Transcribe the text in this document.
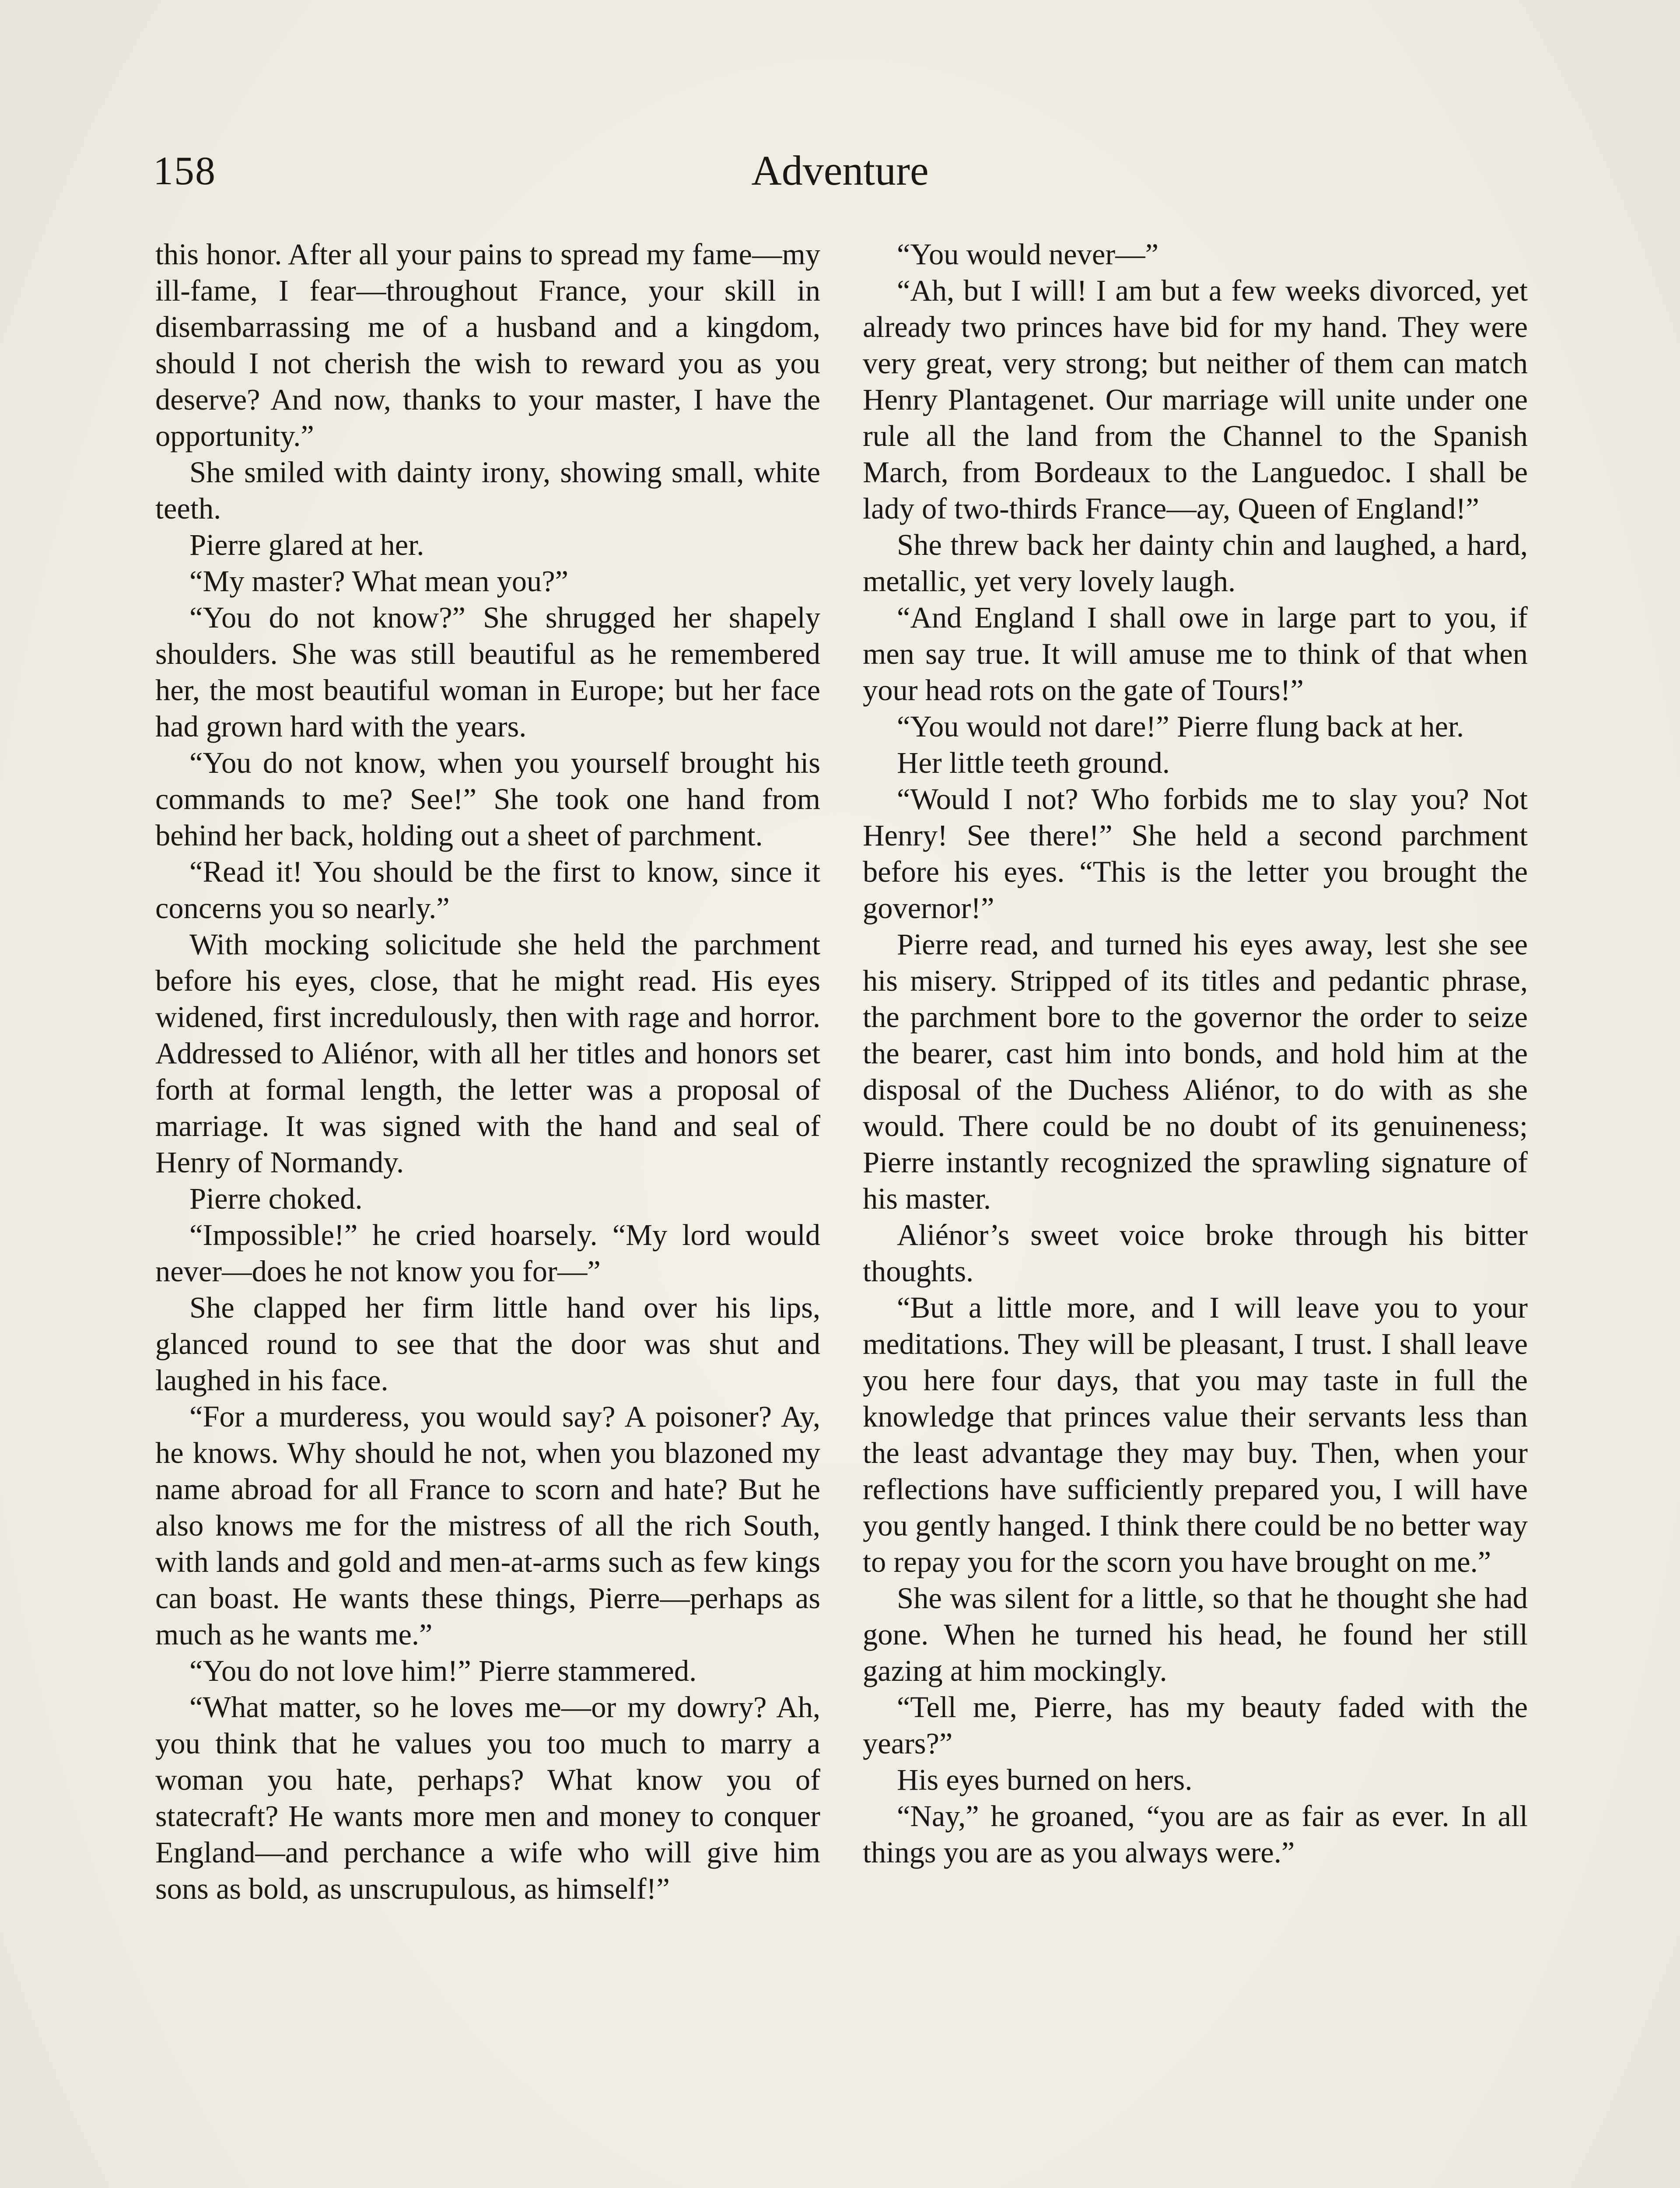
158	Adventure

this honor. After all your pains to spread my fame—my ill-fame, I fear—throughout France, your skill in disembarrassing me of a husband and a kingdom, should I not cherish the wish to reward you as you deserve? And now, thanks to your master, I have the opportunity.”

She smiled with dainty irony, showing small, white teeth.

Pierre glared at her.

“My master? What mean you?”

“You do not know?” She shrugged her shapely shoulders. She was still beautiful as he remembered her, the most beautiful woman in Europe; but her face had grown hard with the years.

“You do not know, when you yourself brought his commands to me? See!” She took one hand from behind her back, holding out a sheet of parchment.

“Read it! You should be the first to know, since it concerns you so nearly.”

With mocking solicitude she held the parchment before his eyes, close, that he might read. His eyes widened, first incredulously, then with rage and horror. Addressed to Aliénor, with all her titles and honors set forth at formal length, the letter was a proposal of marriage. It was signed with the hand and seal of Henry of Normandy.

Pierre choked.

“Impossible!” he cried hoarsely. “My lord would never—does he not know you for—”

She clapped her firm little hand over his lips, glanced round to see that the door was shut and laughed in his face.

“For a murderess, you would say? A poisoner? Ay, he knows. Why should he not, when you blazoned my name abroad for all France to scorn and hate? But he also knows me for the mistress of all the rich South, with lands and gold and men-at-arms such as few kings can boast. He wants these things, Pierre—perhaps as much as he wants me.”

“You do not love him!” Pierre stammered.

“What matter, so he loves me—or my dowry? Ah, you think that he values you too much to marry a woman you hate, perhaps? What know you of statecraft? He wants more men and money to conquer England—and perchance a wife who will give him sons as bold, as unscrupulous, as himself!”

“You would never—”

“Ah, but I will! I am but a few weeks divorced, yet already two princes have bid for my hand. They were very great, very strong; but neither of them can match Henry Plantagenet. Our marriage will unite under one rule all the land from the Channel to the Spanish March, from Bordeaux to the Languedoc. I shall be lady of two-thirds France—ay, Queen of England!”

She threw back her dainty chin and laughed, a hard, metallic, yet very lovely laugh.

“And England I shall owe in large part to you, if men say true. It will amuse me to think of that when your head rots on the gate of Tours!”

“You would not dare!” Pierre flung back at her.

Her little teeth ground.

“Would I not? Who forbids me to slay you? Not Henry! See there!” She held a second parchment before his eyes. “This is the letter you brought the governor!”

Pierre read, and turned his eyes away, lest she see his misery. Stripped of its titles and pedantic phrase, the parchment bore to the governor the order to seize the bearer, cast him into bonds, and hold him at the disposal of the Duchess Aliénor, to do with as she would. There could be no doubt of its genuineness; Pierre instantly recognized the sprawling signature of his master.

Aliénor’s sweet voice broke through his bitter thoughts.

“But a little more, and I will leave you to your meditations. They will be pleasant, I trust. I shall leave you here four days, that you may taste in full the knowledge that princes value their servants less than the least advantage they may buy. Then, when your reflections have sufficiently prepared you, I will have you gently hanged. I think there could be no better way to repay you for the scorn you have brought on me.”

She was silent for a little, so that he thought she had gone. When he turned his head, he found her still gazing at him mockingly.

“Tell me, Pierre, has my beauty faded with the years?”

His eyes burned on hers.

“Nay,” he groaned, “you are as fair as ever. In all things you are as you always were.”
